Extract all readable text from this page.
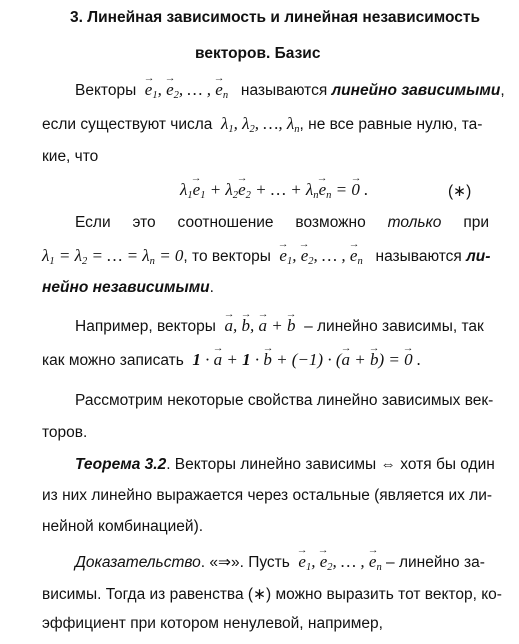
3. Линейная зависимость и линейная независимость
векторов. Базис
Векторы → $e_1$, → $e_2$, … , → $e_n$ называются линейно зависимыми,
если существуют числа  $\lambda_1$, $\lambda_2$, …, $\lambda_n$, не все равные нулю, та-
кие, что
$\lambda_1\to e_1 + \lambda_2\to e_2$ + … + $\lambda_n\to e_n$ = → 0 .	(∗)
Если это соотношение возможно только при
$\lambda_1 = \lambda_2$ = … = $\lambda_n = 0$, то векторы → $e_1$, → $e_2$, … , → $e_n$ называются ли-
нейно независимыми.
Например, векторы → a, → b, → a + → b – линейно зависимы, так
как можно записать 1 · → a + 1 · → b + (−1) · (→ a + → b) = → 0 .
Рассмотрим некоторые свойства линейно зависимых век-
торов.
Теорема 3.2. Векторы линейно зависимы ⇔ хотя бы один
из них линейно выражается через остальные (является их ли-
нейной комбинацией).
Доказательство. «⇒». Пусть → $e_1$, → $e_2$, … , → $e_n$ – линейно за-
висимы. Тогда из равенства (∗) можно выразить тот вектор, ко-
эффициент при котором ненулевой, например,
